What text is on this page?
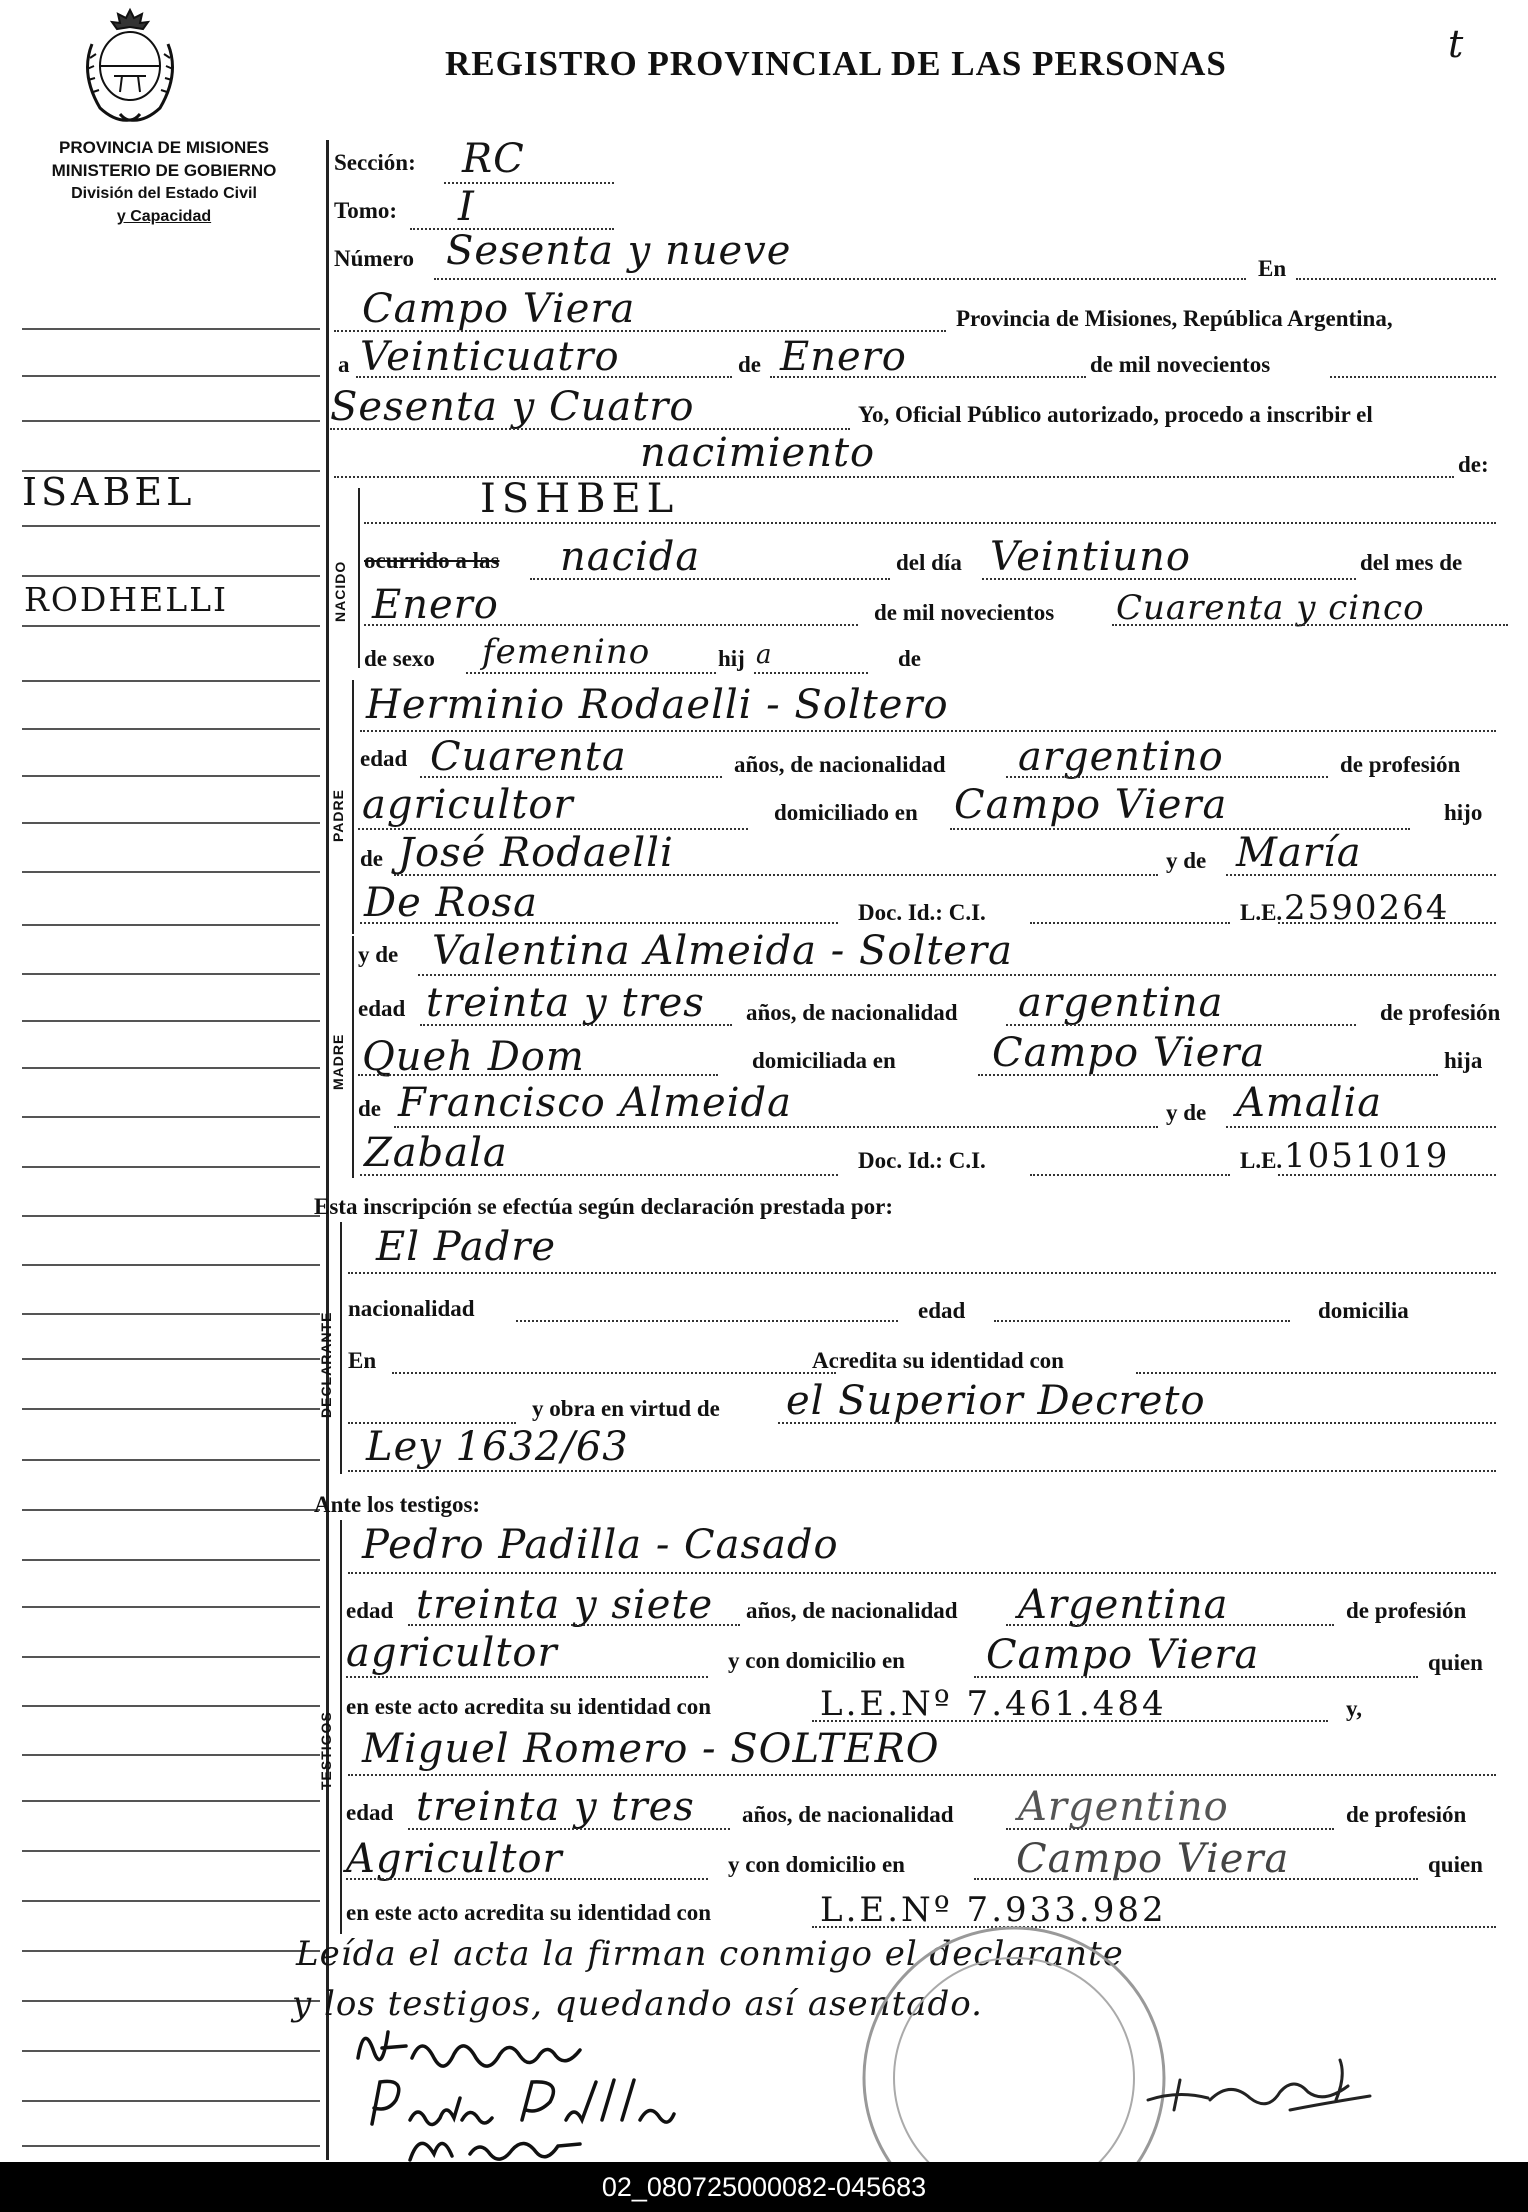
REGISTRO PROVINCIAL DE LAS PERSONAS	t
PROVINCIA DE MISIONES
MINISTERIO DE GOBIERNO
División del Estado Civil
y Capacidad
ISABEL
RODHELLI
Sección: RC
Tomo: I
Número Sesenta y nueve	En
Campo Viera	Provincia de Misiones, República Argentina,
a Veinticuatro	de Enero	de mil novecientos
Sesenta y Cuatro	Yo, Oficial Público autorizado, procedo a inscribir el
nacimiento	de:
NACIDO
ISHBEL
ocurrido a las nacida	del día Veintiuno	del mes de
Enero	de mil novecientos Cuarenta y cinco
de sexo femenino	hij a	de
PADRE
Herminio Rodaelli - Soltero
edad Cuarenta	años, de nacionalidad argentino	de profesión
agricultor	domiciliado en Campo Viera	hijo
de José Rodaelli	y de María
De Rosa	Doc. Id.: C.I.	L.E. 2590264
MADRE
y de Valentina Almeida - Soltera
edad treinta y tres años, de nacionalidad argentina	de profesión
Queh Dom	domiciliada en Campo Viera	hija
de Francisco Almeida	y de Amalia
Zabala	Doc. Id.: C.I.	L.E. 1051019
Esta inscripción se efectúa según declaración prestada por:
DECLARANTE
El Padre
nacionalidad	edad	domicilia
En	Acredita su identidad con
y obra en virtud de el Superior Decreto
Ley 1632/63
Ante los testigos:
TESTIGOS
Pedro Padilla - Casado
edad treinta y siete años, de nacionalidad Argentina	de profesión
agricultor	y con domicilio en Campo Viera	quien
en este acto acredita su identidad con	L.E.Nº 7.461.484	y,
Miguel Romero - SOLTERO
edad treinta y tres años, de nacionalidad Argentino	de profesión
Agricultor	y con domicilio en	Campo Viera	quien
en este acto acredita su identidad con	L.E.Nº 7.933.982
Leída el acta la firman conmigo el declarante
y los testigos, quedando así asentado.
02_080725000082-045683
